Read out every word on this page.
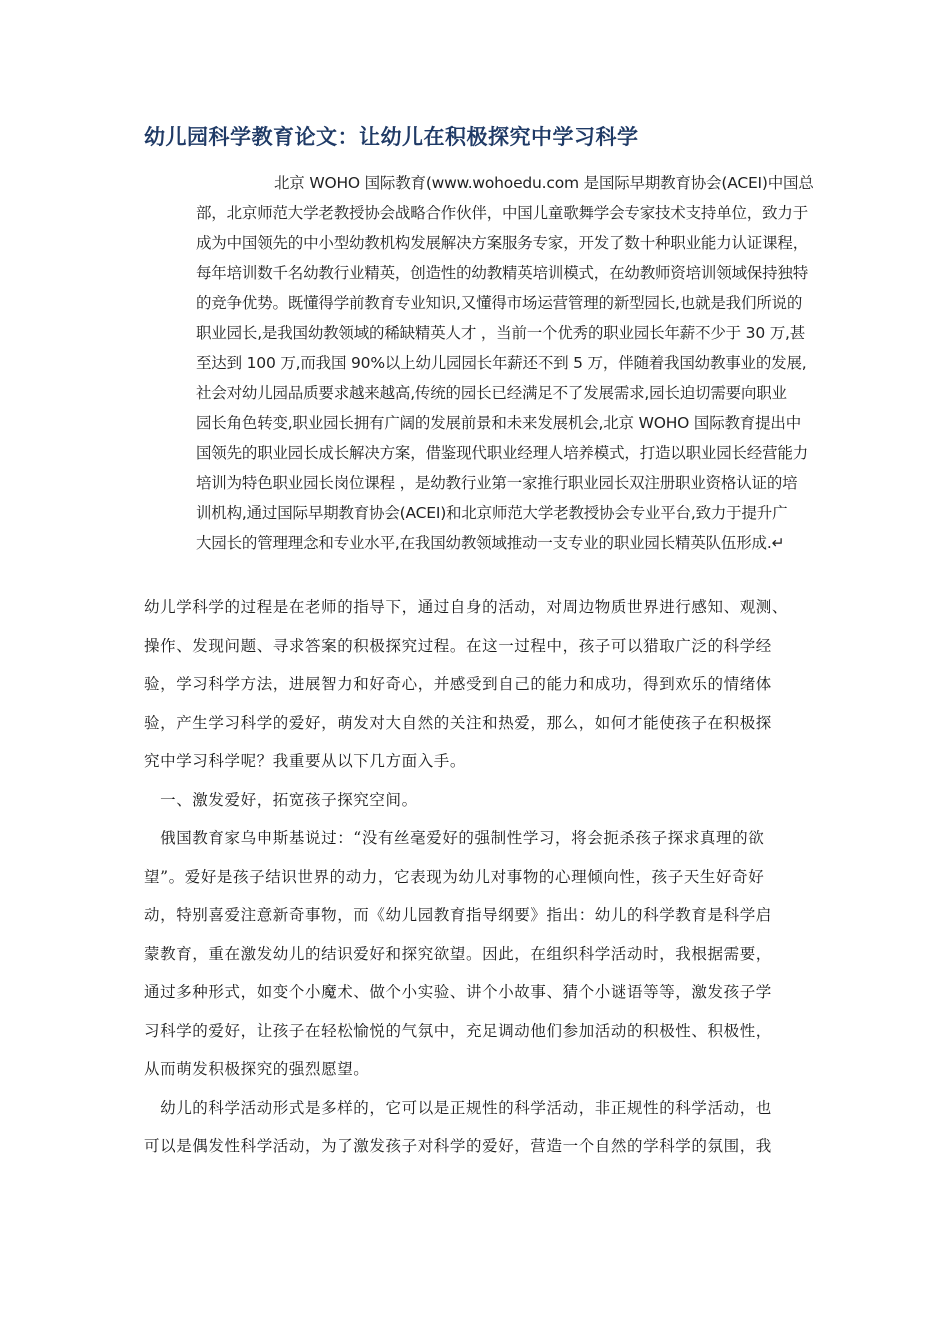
幼儿园科学教育论文：让幼儿在积极探究中学习科学
北京 WOHO 国际教育(www.wohoedu.com 是国际早期教育协会(ACEI)中国总
部，北京师范大学老教授协会战略合作伙伴，中国儿童歌舞学会专家技术支持单位，致力于
成为中国领先的中小型幼教机构发展解决方案服务专家，开发了数十种职业能力认证课程，
每年培训数千名幼教行业精英，创造性的幼教精英培训模式，在幼教师资培训领域保持独特
的竞争优势。既懂得学前教育专业知识,又懂得市场运营管理的新型园长,也就是我们所说的
职业园长,是我国幼教领域的稀缺精英人才 ，当前一个优秀的职业园长年薪不少于 30 万,甚
至达到 100 万,而我国 90%以上幼儿园园长年薪还不到 5 万，伴随着我国幼教事业的发展,
社会对幼儿园品质要求越来越高,传统的园长已经满足不了发展需求,园长迫切需要向职业
园长角色转变,职业园长拥有广阔的发展前景和未来发展机会,北京 WOHO 国际教育提出中
国领先的职业园长成长解决方案，借鉴现代职业经理人培养模式，打造以职业园长经营能力
培训为特色职业园长岗位课程 ，是幼教行业第一家推行职业园长双注册职业资格认证的培
训机构,通过国际早期教育协会(ACEI)和北京师范大学老教授协会专业平台,致力于提升广
大园长的管理理念和专业水平,在我国幼教领域推动一支专业的职业园长精英队伍形成.↵
幼儿学科学的过程是在老师的指导下，通过自身的活动，对周边物质世界进行感知、观测、
操作、发现问题、寻求答案的积极探究过程。在这一过程中，孩子可以猎取广泛的科学经
验，学习科学方法，进展智力和好奇心，并感受到自己的能力和成功，得到欢乐的情绪体
验，产生学习科学的爱好，萌发对大自然的关注和热爱，那么，如何才能使孩子在积极探
究中学习科学呢？我重要从以下几方面入手。
　一、激发爱好，拓宽孩子探究空间。
　俄国教育家乌申斯基说过：“没有丝毫爱好的强制性学习，将会扼杀孩子探求真理的欲
望”。爱好是孩子结识世界的动力，它表现为幼儿对事物的心理倾向性，孩子天生好奇好
动，特别喜爱注意新奇事物，而《幼儿园教育指导纲要》指出：幼儿的科学教育是科学启
蒙教育，重在激发幼儿的结识爱好和探究欲望。因此，在组织科学活动时，我根据需要，
通过多种形式，如变个小魔术、做个小实验、讲个小故事、猜个小谜语等等，激发孩子学
习科学的爱好，让孩子在轻松愉悦的气氛中，充足调动他们参加活动的积极性、积极性，
从而萌发积极探究的强烈愿望。
　幼儿的科学活动形式是多样的，它可以是正规性的科学活动，非正规性的科学活动，也
可以是偶发性科学活动，为了激发孩子对科学的爱好，营造一个自然的学科学的氛围，我
